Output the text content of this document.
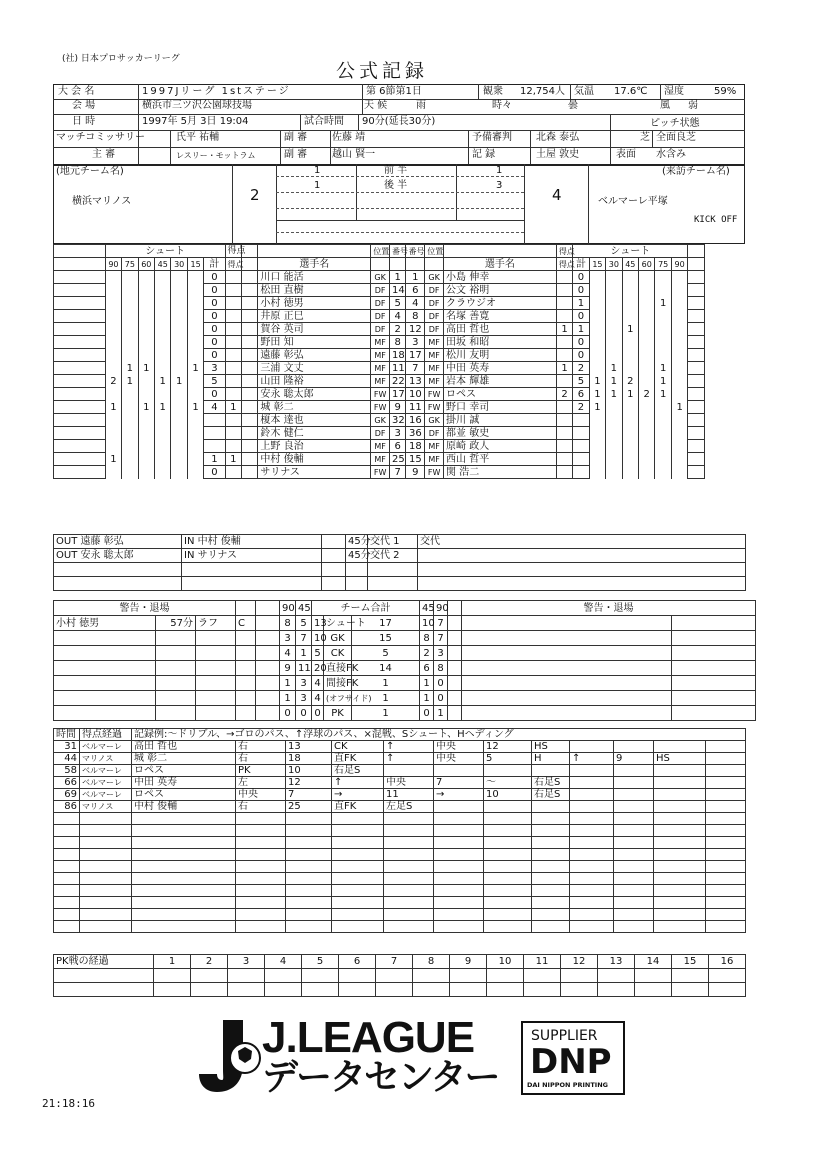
(社) 日本プロサッカーリーグ
公式記録
大 会 名	1997Jリーグ 1stステージ	第 6節第1日	観衆 12,754人 気温 17.6℃ 湿度	59%
会 場	横浜市三ツ沢公園球技場	天 候	雨	時々	曇	風 弱
日 時	1997年 5月 3日 19:04	試合時間 90分(延長30分)	ピッチ状態
マッチコミッサリー	氏平 祐輔	副 審 佐藤 靖	予備審判 北森 泰弘	芝 全面良芝
主 審	レスリー・モットラム	副 審 越山 賢一	記 録	土屋 敦史	表面 水含み
(地元チーム名)	(来訪チーム名)
横浜マリノス	ベルマーレ平塚
2	4
1	前 半	1
1	後 半	3
KICK OFF
	シュート							得点			位置	番号	番号	位置		得点	シュート							
	90	75	60	45	30	15	計	得点		選手名					選手名	得点	計	15	30	45	60	75	90	
							0			川口 能活	GK	1	1	GK	小島 伸幸		0							
							0			松田 直樹	DF	14	6	DF	公文 裕明		0							
							0			小村 徳男	DF	5	4	DF	クラウジオ		1					1		
							0			井原 正巳	DF	4	8	DF	名塚 善寛		0							
							0			賀谷 英司	DF	2	12	DF	高田 哲也	1	1			1				
							0			野田 知	MF	8	3	MF	田坂 和昭		0							
							0			遠藤 彰弘	MF	18	17	MF	松川 友明		0							
		1	1			1	3			三浦 文丈	MF	11	7	MF	中田 英寿	1	2		1			1		
	2	1		1	1		5			山田 隆裕	MF	22	13	MF	岩本 輝雄		5	1	1	2		1		
							0			安永 聡太郎	FW	17	10	FW	ロペス	2	6	1	1	1	2	1		
	1		1	1		1	4	1		城 彰二	FW	9	11	FW	野口 幸司		2	1					1	
										榎本 達也	GK	32	16	GK	掛川 誠									
										鈴木 健仁	DF	3	36	DF	都並 敏史									
										上野 良治	MF	6	18	MF	原崎 政人									
	1						1	1		中村 俊輔	MF	25	15	MF	西山 哲平									
							0			サリナス	FW	7	9	FW	関 浩二									
OUT 遠藤 彰弘	IN 中村 俊輔		45分	交代 1	交代
OUT 安永 聡太郎	IN サリナス		45分	交代 2	

警告・退場					90	45	チーム合計			45	90		警告・退場	
小村 徳男	57分	ラフ	C		8	5	13	シュート	17	10	7			
					3	7	10	GK	15	8	7			
					4	1	5	CK	5	2	3			
					9	11	20	直接FK	14	6	8			
					1	3	4	間接FK	1	1	0			
					1	3	4	(オフサイド)	1	1	0			
					0	0	0	PK	1	0	1			
時間	得点経過	記録例:〜ドリブル、→ゴロのパス、↑浮球のパス、×混戦、Sシュート、Hヘディング											
31	ベルマーレ	高田 哲也	右	13	CK	↑	中央	12	HS				
44	マリノス	城 彰二	右	18	直FK	↑	中央	5	H	↑	9	HS	
58	ベルマーレ	ロペス	PK	10	右足S								
66	ベルマーレ	中田 英寿	左	12	↑	中央	7	〜	右足S				
69	ベルマーレ	ロペス	中央	7	→	11	→	10	右足S				
86	マリノス	中村 俊輔	右	25	直FK	左足S							

PK戦の経過	1	2	3	4	5	6	7	8	9	10	11	12	13	14	15	16

J.LEAGUE
データセンター
SUPPLIER
DNP
DAI NIPPON PRINTING
21:18:16
